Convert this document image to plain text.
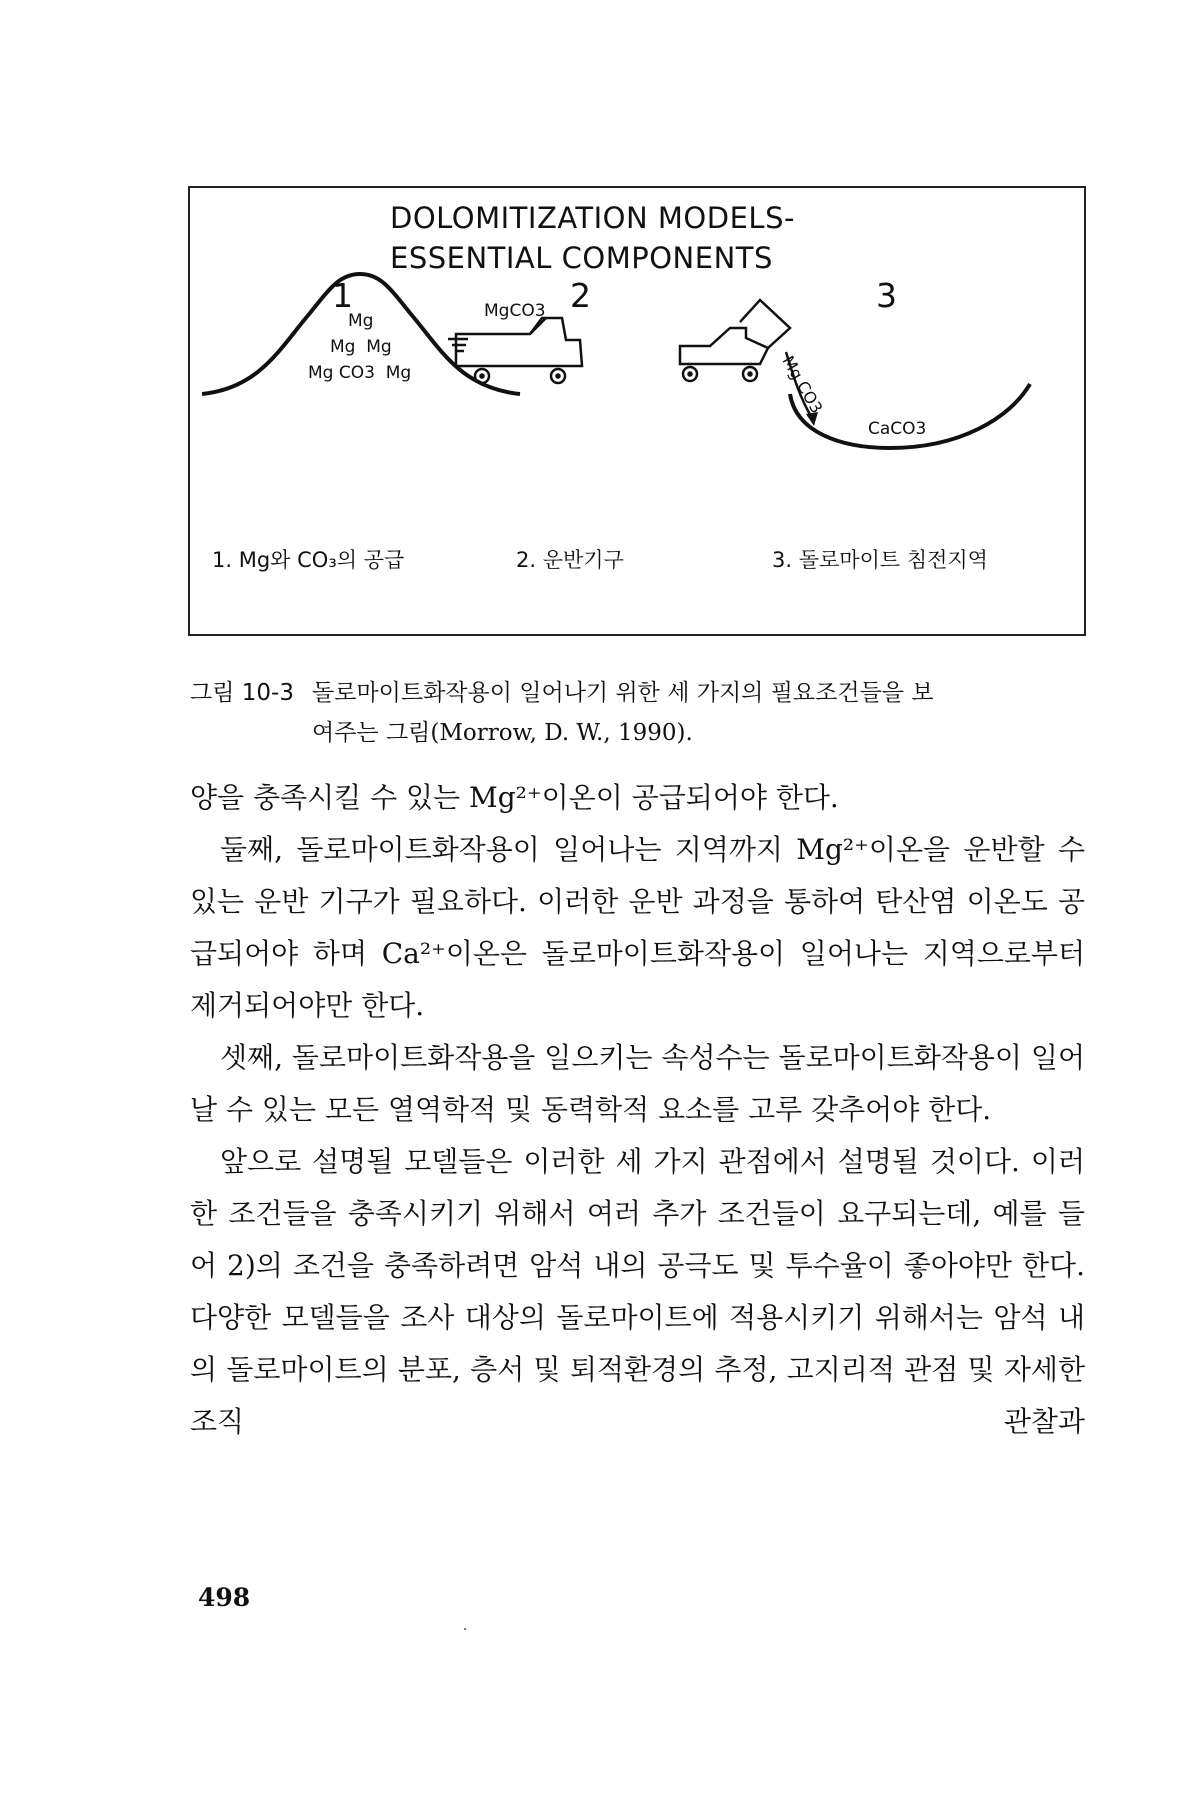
DOLOMITIZATION MODELS-
ESSENTIAL COMPONENTS
1	2	3
Mg
Mg  Mg
Mg CO3  Mg
MgCO3
Mg CO3
CaCO3
1. Mg와 CO₃의 공급	2. 운반기구	3. 돌로마이트 침전지역
그림 10-3 돌로마이트화작용이 일어나기 위한 세 가지의 필요조건들을 보
여주는 그림(Morrow, D. W., 1990).

양을 충족시킬 수 있는 Mg²⁺이온이 공급되어야 한다.

둘째, 돌로마이트화작용이 일어나는 지역까지 Mg²⁺이온을 운반할 수 있는 운반 기구가 필요하다. 이러한 운반 과정을 통하여 탄산염 이온도 공급되어야 하며 Ca²⁺이온은 돌로마이트화작용이 일어나는 지역으로부터 제거되어야만 한다.

셋째, 돌로마이트화작용을 일으키는 속성수는 돌로마이트화작용이 일어날 수 있는 모든 열역학적 및 동력학적 요소를 고루 갖추어야 한다.

앞으로 설명될 모델들은 이러한 세 가지 관점에서 설명될 것이다. 이러한 조건들을 충족시키기 위해서 여러 추가 조건들이 요구되는데, 예를 들어 2)의 조건을 충족하려면 암석 내의 공극도 및 투수율이 좋아야만 한다. 다양한 모델들을 조사 대상의 돌로마이트에 적용시키기 위해서는 암석 내의 돌로마이트의 분포, 층서 및 퇴적환경의 추정, 고지리적 관점 및 자세한 조직 관찰과

498
